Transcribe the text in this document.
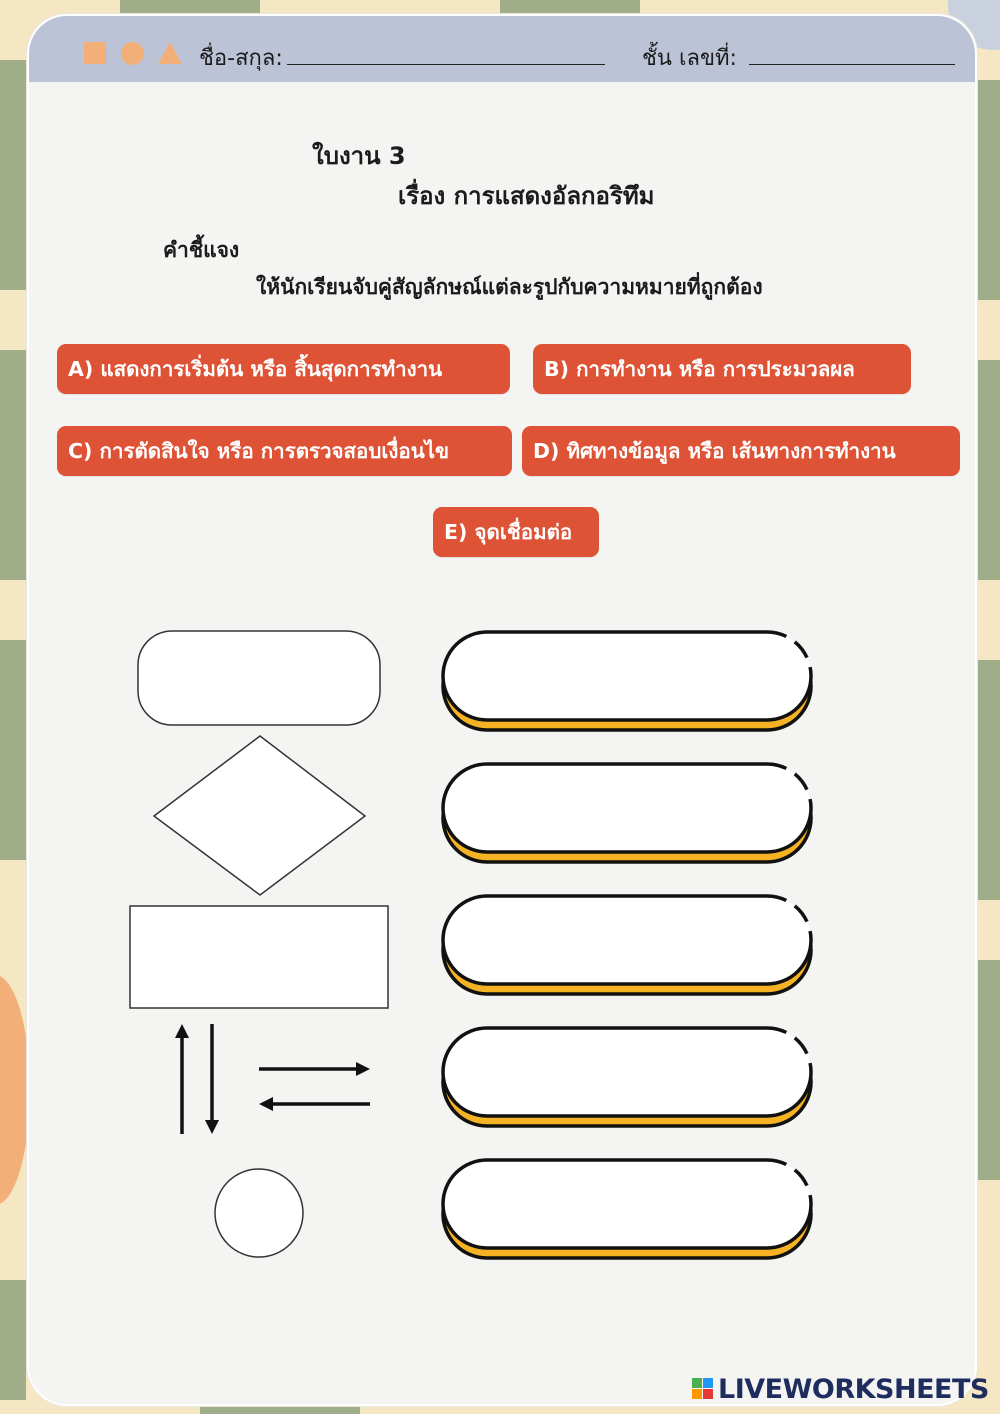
ชื่อ-สกุล:	ชั้น เลขที่:
ใบงาน 3
เรื่อง การแสดงอัลกอริทึม
คำชี้แจง
ให้นักเรียนจับคู่สัญลักษณ์แต่ละรูปกับความหมายที่ถูกต้อง
A) แสดงการเริ่มต้น หรือ สิ้นสุดการทำงาน	B) การทำงาน หรือ การประมวลผล
C) การตัดสินใจ หรือ การตรวจสอบเงื่อนไข	D) ทิศทางข้อมูล หรือ เส้นทางการทำงาน
E) จุดเชื่อมต่อ
LIVEWORKSHEETS
